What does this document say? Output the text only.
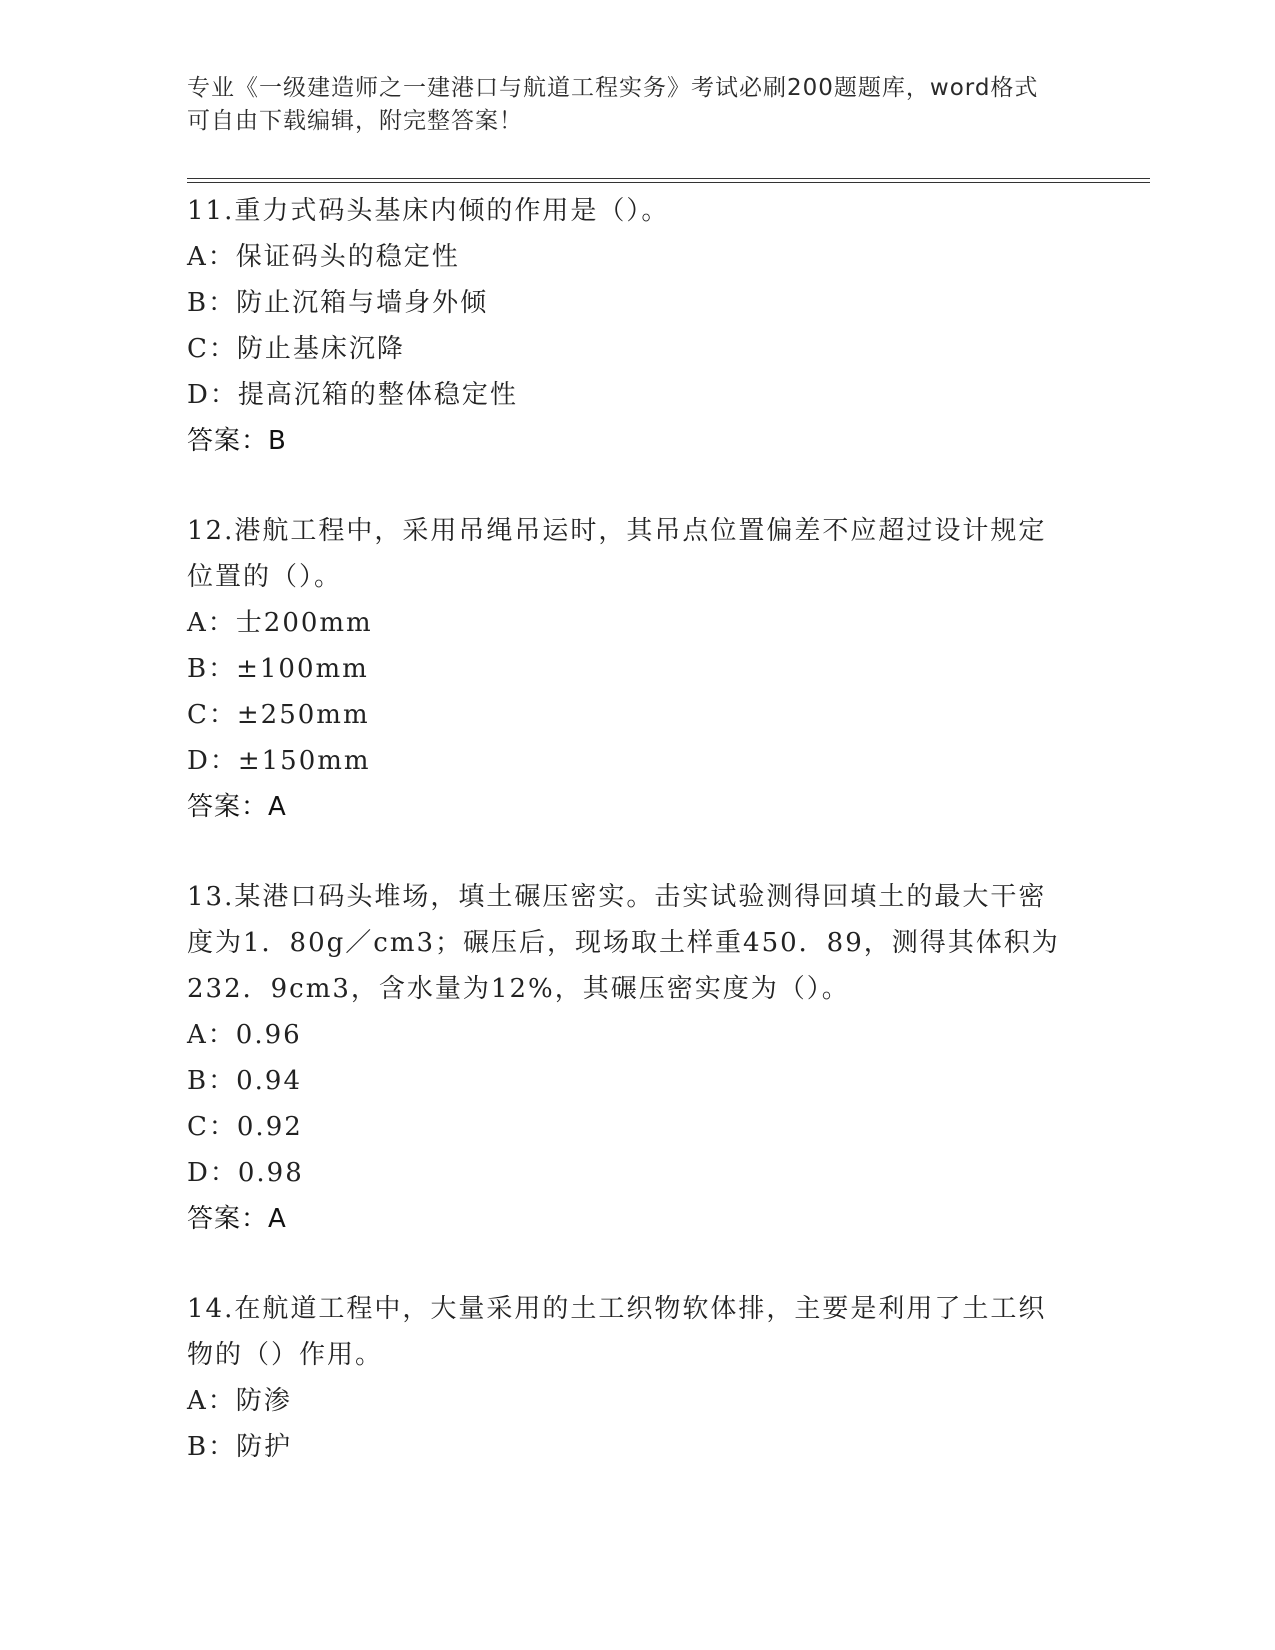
专业《一级建造师之一建港口与航道工程实务》考试必刷200题题库，word格式
可自由下载编辑，附完整答案！
11.重力式码头基床内倾的作用是（）。
A：保证码头的稳定性
B：防止沉箱与墙身外倾
C：防止基床沉降
D：提高沉箱的整体稳定性
答案：B
12.港航工程中，采用吊绳吊运时，其吊点位置偏差不应超过设计规定
位置的（）。
A：士200mm
B：±100mm
C：±250mm
D：±150mm
答案：A
13.某港口码头堆场，填土碾压密实。击实试验测得回填土的最大干密
度为1．80g／cm3；碾压后，现场取土样重450．89，测得其体积为
232．9cm3，含水量为12%，其碾压密实度为（）。
A：0.96
B：0.94
C：0.92
D：0.98
答案：A
14.在航道工程中，大量采用的土工织物软体排，主要是利用了土工织
物的（）作用。
A：防渗
B：防护
